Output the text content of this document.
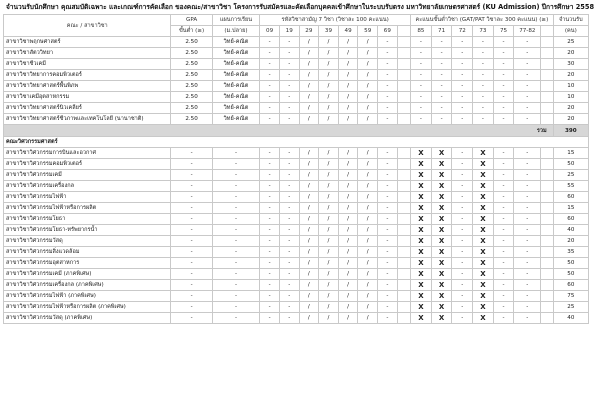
จำนวนรับนักศึกษา คุณสมบัติเฉพาะ และเกณฑ์การคัดเลือก ของคณะ/สาขาวิชา โครงการรับสมัครและคัดเลือกบุคคลเข้าศึกษาในระบบรับตรง มหาวิทยาลัยเกษตรศาสตร์ (KU Admission) ปีการศึกษา 2558
คณะ / สาขาวิชา	GPA	แผนการเรียน	รหัสวิชาสามัญ 7 วิชา (วิชาละ 100 คะแนน)								คะแนนขั้นต่ำวิชา (GAT/PAT วิชาละ 300 คะแนน) (≥)							จำนวนรับ
	ขั้นต่ำ (≥)		09	19	29	39	49	59	69		85	71	72	73	75	77-82		(คน)
		(ม.ปลาย)																
สาขาวิชาพฤกษศาสตร์	2.50	วิทย์-คณิต	-	-	/	/	/	/	-		-	-	-	-	-	-		25
สาขาวิชาสัตววิทยา	2.50	วิทย์-คณิต	-	-	/	/	/	/	-		-	-	-	-	-	-		20
สาขาวิชาชีวเคมี	2.50	วิทย์-คณิต	-	-	/	/	/	/	-		-	-	-	-	-	-		30
สาขาวิชาวิทยาการคอมพิวเตอร์	2.50	วิทย์-คณิต	-	-	/	/	/	/	-		-	-	-	-	-	-		20
สาขาวิชาวิทยาศาสตร์พื้นพิภพ	2.50	วิทย์-คณิต	-	-	/	/	/	/	-		-	-	-	-	-	-		10
สาขาวิชาเคมีอุตสาหกรรม	2.50	วิทย์-คณิต	-	-	/	/	/	/	-		-	-	-	-	-	-		10
สาขาวิชาวิทยาศาสตร์นิวเคลียร์	2.50	วิทย์-คณิต	-	-	/	/	/	/	-		-	-	-	-	-	-		20
สาขาวิชาวิทยาศาสตร์ชีวภาพและเทคโนโลยี (นานาชาติ)	2.50	วิทย์-คณิต	-	-	/	/	/	/	-		-	-	-	-	-	-		20
รวม																		390
คณะวิศวกรรมศาสตร์																		
สาขาวิชาวิศวกรรมการบินและอวกาศ	-	-	-	-	/	/	/	/	-		X	X	-	X	-	-		15
สาขาวิชาวิศวกรรมคอมพิวเตอร์	-	-	-	-	/	/	/	/	-		X	X	-	X	-	-		50
สาขาวิชาวิศวกรรมเคมี	-	-	-	-	/	/	/	/	-		X	X	-	X	-	-		25
สาขาวิชาวิศวกรรมเครื่องกล	-	-	-	-	/	/	/	/	-		X	X	-	X	-	-		55
สาขาวิชาวิศวกรรมไฟฟ้า	-	-	-	-	/	/	/	/	-		X	X	-	X	-	-		60
สาขาวิชาวิศวกรรมไฟฟ้าหรือการผลิต	-	-	-	-	/	/	/	/	-		X	X	-	X	-	-		15
สาขาวิชาวิศวกรรมโยธา	-	-	-	-	/	/	/	/	-		X	X	-	X	-	-		60
สาขาวิชาวิศวกรรมโยธา-ทรัพยากรน้ำ	-	-	-	-	/	/	/	/	-		X	X	-	X	-	-		40
สาขาวิชาวิศวกรรมวัสดุ	-	-	-	-	/	/	/	/	-		X	X	-	X	-	-		20
สาขาวิชาวิศวกรรมสิ่งแวดล้อม	-	-	-	-	/	/	/	/	-		X	X	-	X	-	-		35
สาขาวิชาวิศวกรรมอุตสาหการ	-	-	-	-	/	/	/	/	-		X	X	-	X	-	-		50
สาขาวิชาวิศวกรรมเคมี (ภาคพิเศษ)	-	-	-	-	/	/	/	/	-		X	X	-	X	-	-		50
สาขาวิชาวิศวกรรมเครื่องกล (ภาคพิเศษ)	-	-	-	-	/	/	/	/	-		X	X	-	X	-	-		60
สาขาวิชาวิศวกรรมไฟฟ้า (ภาคพิเศษ)	-	-	-	-	/	/	/	/	-		X	X	-	X	-	-		75
สาขาวิชาวิศวกรรมไฟฟ้าหรือการผลิต (ภาคพิเศษ)	-	-	-	-	/	/	/	/	-		X	X	-	X	-	-		25
สาขาวิชาวิศวกรรมวัสดุ (ภาคพิเศษ)	-	-	-	-	/	/	/	/	-		X	X	-	X	-	-		40
